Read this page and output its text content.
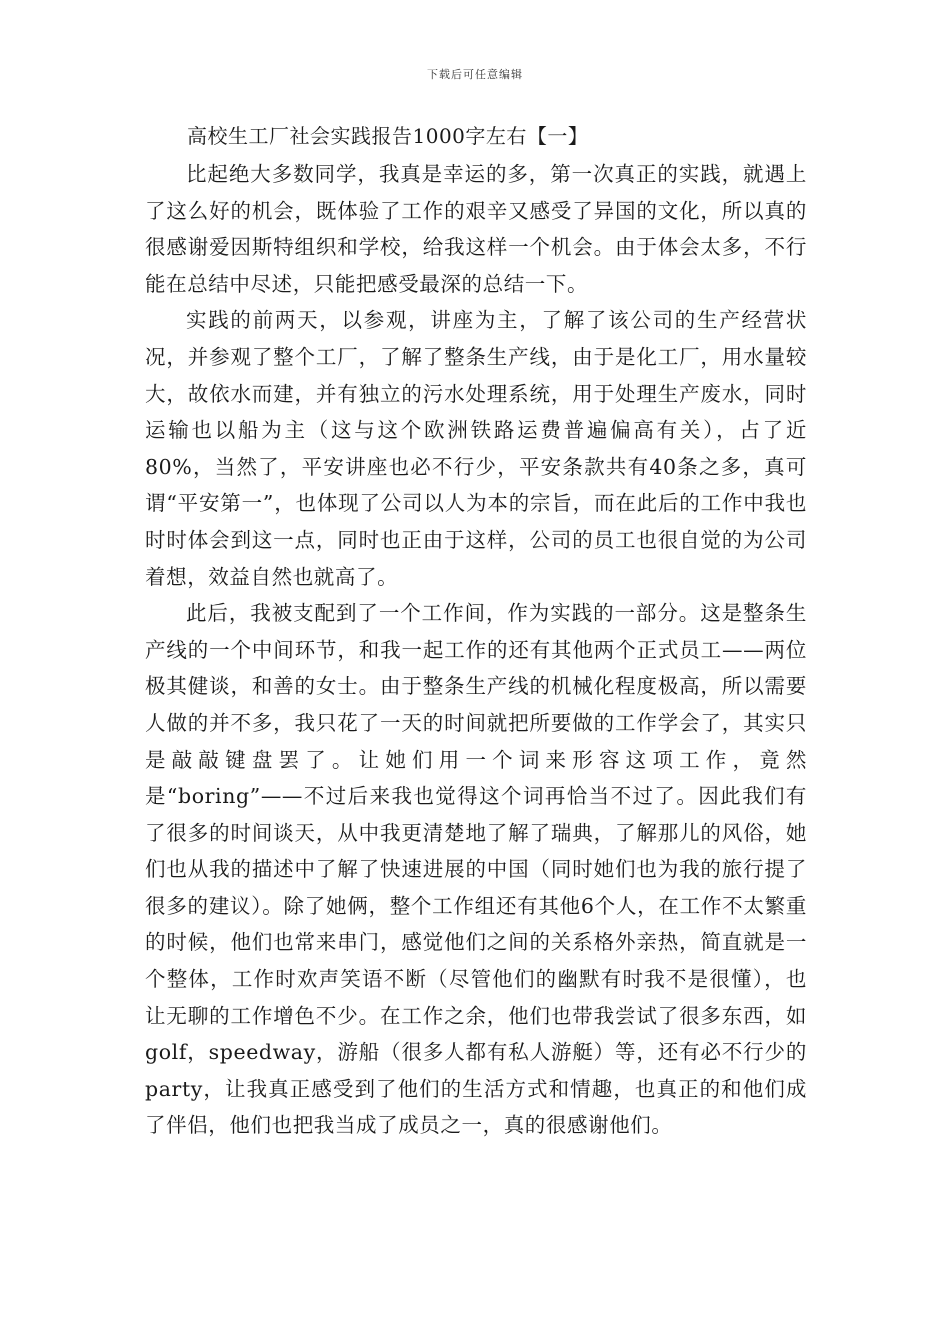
下载后可任意编辑
高校生工厂社会实践报告1000字左右【一】

比起绝大多数同学，我真是幸运的多，第一次真正的实践，就遇上了这么好的机会，既体验了工作的艰辛又感受了异国的文化，所以真的很感谢爱因斯特组织和学校，给我这样一个机会。由于体会太多，不行能在总结中尽述，只能把感受最深的总结一下。

实践的前两天，以参观，讲座为主，了解了该公司的生产经营状况，并参观了整个工厂，了解了整条生产线，由于是化工厂，用水量较大，故依水而建，并有独立的污水处理系统，用于处理生产废水，同时运输也以船为主（这与这个欧洲铁路运费普遍偏高有关），占了近80%，当然了，平安讲座也必不行少，平安条款共有40条之多，真可谓“平安第一”，也体现了公司以人为本的宗旨，而在此后的工作中我也时时体会到这一点，同时也正由于这样，公司的员工也很自觉的为公司着想，效益自然也就高了。

此后，我被支配到了一个工作间，作为实践的一部分。这是整条生产线的一个中间环节，和我一起工作的还有其他两个正式员工——两位极其健谈，和善的女士。由于整条生产线的机械化程度极高，所以需要人做的并不多，我只花了一天的时间就把所要做的工作学会了，其实只是敲敲键盘罢了。让她们用一个词来形容这项工作，竟然是“boring”——不过后来我也觉得这个词再恰当不过了。因此我们有了很多的时间谈天，从中我更清楚地了解了瑞典，了解那儿的风俗，她们也从我的描述中了解了快速进展的中国（同时她们也为我的旅行提了很多的建议）。除了她俩，整个工作组还有其他6个人，在工作不太繁重的时候，他们也常来串门，感觉他们之间的关系格外亲热，简直就是一个整体，工作时欢声笑语不断（尽管他们的幽默有时我不是很懂），也让无聊的工作增色不少。在工作之余，他们也带我尝试了很多东西，如golf，speedway，游船（很多人都有私人游艇）等，还有必不行少的party，让我真正感受到了他们的生活方式和情趣，也真正的和他们成了伴侣，他们也把我当成了成员之一，真的很感谢他们。
